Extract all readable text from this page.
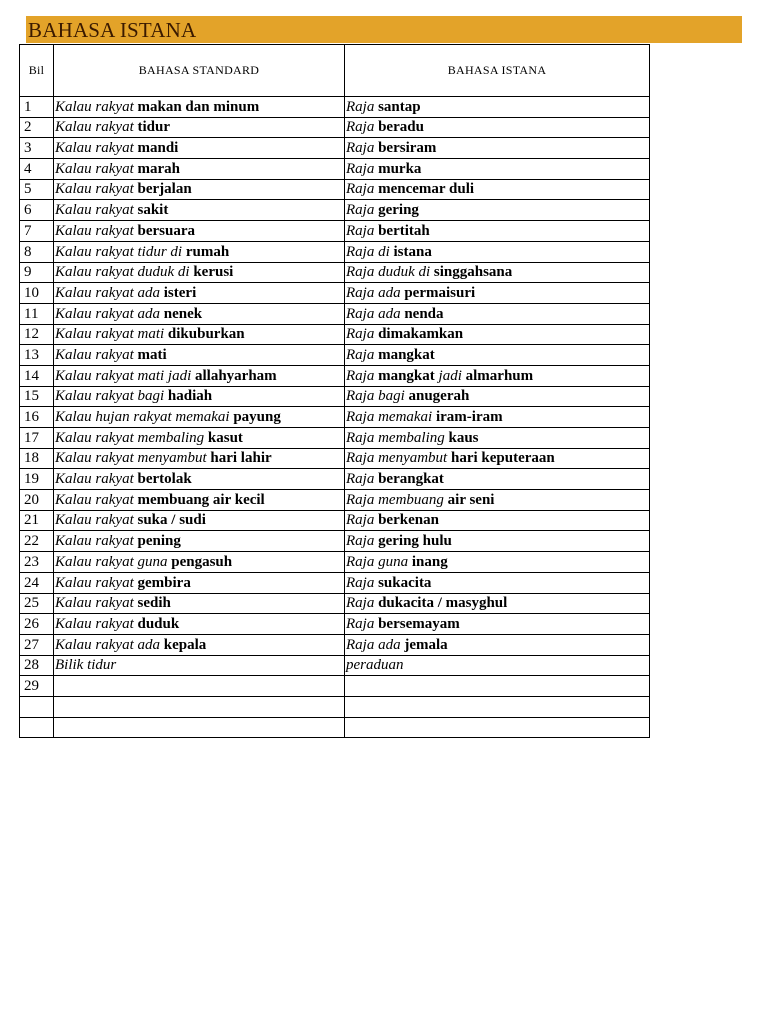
BAHASA ISTANA
Bil	BAHASA STANDARD	BAHASA ISTANA
1	Kalau rakyat makan dan minum	Raja santap
2	Kalau rakyat tidur	Raja beradu
3	Kalau rakyat mandi	Raja bersiram
4	Kalau rakyat marah	Raja murka
5	Kalau rakyat berjalan	Raja mencemar duli
6	Kalau rakyat sakit	Raja gering
7	Kalau rakyat bersuara	Raja bertitah
8	Kalau rakyat tidur di rumah	Raja di istana
9	Kalau rakyat duduk di kerusi	Raja duduk di singgahsana
10	Kalau rakyat ada isteri	Raja ada permaisuri
11	Kalau rakyat ada nenek	Raja ada nenda
12	Kalau rakyat mati dikuburkan	Raja dimakamkan
13	Kalau rakyat mati	Raja mangkat
14	Kalau rakyat mati jadi allahyarham	Raja mangkat jadi almarhum
15	Kalau rakyat bagi hadiah	Raja bagi anugerah
16	Kalau hujan rakyat memakai payung	Raja memakai iram-iram
17	Kalau rakyat membaling kasut	Raja membaling kaus
18	Kalau rakyat menyambut hari lahir	Raja menyambut hari keputeraan
19	Kalau rakyat bertolak	Raja berangkat
20	Kalau rakyat membuang air kecil	Raja membuang air seni
21	Kalau rakyat suka / sudi	Raja berkenan
22	Kalau rakyat pening	Raja gering hulu
23	Kalau rakyat guna pengasuh	Raja guna inang
24	Kalau rakyat gembira	Raja sukacita
25	Kalau rakyat sedih	Raja dukacita / masyghul
26	Kalau rakyat duduk	Raja bersemayam
27	Kalau rakyat ada kepala	Raja ada jemala
28	Bilik tidur	peraduan
29		
